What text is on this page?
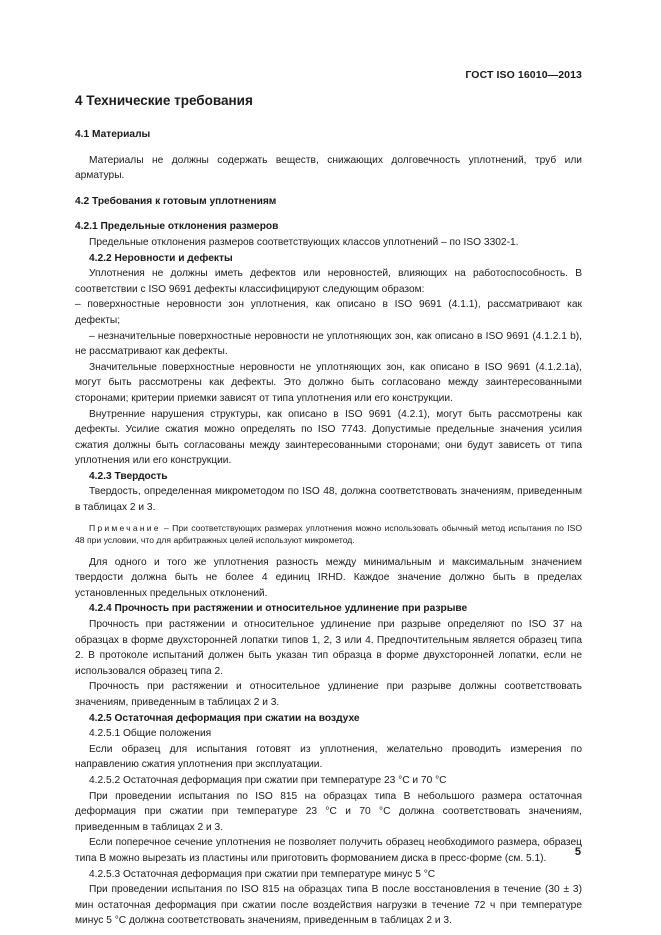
ГОСТ ISO 16010—2013
4 Технические требования
4.1 Материалы

Материалы не должны содержать веществ, снижающих долговечность уплотнений, труб или арматуры.

4.2 Требования к готовым уплотнениям
4.2.1 Предельные отклонения размеров

Предельные отклонения размеров соответствующих классов уплотнений – по ISO 3302-1.

4.2.2 Неровности и дефекты

Уплотнения не должны иметь дефектов или неровностей, влияющих на работоспособность. В соответствии с ISO 9691 дефекты классифицируют следующим образом:

– поверхностные неровности зон уплотнения, как описано в ISO 9691 (4.1.1), рассматривают как дефекты;

– незначительные поверхностные неровности не уплотняющих зон, как описано в ISO 9691 (4.1.2.1 b), не рассматривают как дефекты.

Значительные поверхностные неровности не уплотняющих зон, как описано в ISO 9691 (4.1.2.1а), могут быть рассмотрены как дефекты. Это должно быть согласовано между заинтересованными сторонами; критерии приемки зависят от типа уплотнения или его конструкции.

Внутренние нарушения структуры, как описано в ISO 9691 (4.2.1), могут быть рассмотрены как дефекты. Усилие сжатия можно определять по ISO 7743. Допустимые предельные значения усилия сжатия должны быть согласованы между заинтересованными сторонами; они будут зависеть от типа уплотнения или его конструкции.

4.2.3 Твердость

Твердость, определенная микрометодом по ISO 48, должна соответствовать значениям, приведенным в таблицах 2 и 3.

Примечание – При соответствующих размерах уплотнения можно использовать обычный метод испытания по ISO 48 при условии, что для арбитражных целей используют микрометод.

Для одного и того же уплотнения разность между минимальным и максимальным значением твердости должна быть не более 4 единиц IRHD. Каждое значение должно быть в пределах установленных предельных отклонений.

4.2.4 Прочность при растяжении и относительное удлинение при разрыве

Прочность при растяжении и относительное удлинение при разрыве определяют по ISO 37 на образцах в форме двухсторонней лопатки типов 1, 2, 3 или 4. Предпочтительным является образец типа 2. В протоколе испытаний должен быть указан тип образца в форме двухсторонней лопатки, если не использовался образец типа 2.

Прочность при растяжении и относительное удлинение при разрыве должны соответствовать значениям, приведенным в таблицах 2 и 3.

4.2.5 Остаточная деформация при сжатии на воздухе

4.2.5.1 Общие положения

Если образец для испытания готовят из уплотнения, желательно проводить измерения по направлению сжатия уплотнения при эксплуатации.

4.2.5.2 Остаточная деформация при сжатии при температуре 23 °С и 70 °С

При проведении испытания по ISO 815 на образцах типа В небольшого размера остаточная деформация при сжатии при температуре 23 °С и 70 °С должна соответствовать значениям, приведенным в таблицах 2 и 3.

Если поперечное сечение уплотнения не позволяет получить образец необходимого размера, образец типа В можно вырезать из пластины или приготовить формованием диска в пресс-форме (см. 5.1).

4.2.5.3 Остаточная деформация при сжатии при температуре минус 5 °С

При проведении испытания по ISO 815 на образцах типа В после восстановления в течение (30 ± 3) мин остаточная деформация при сжатии после воздействия нагрузки в течение 72 ч при температуре минус 5 °С должна соответствовать значениям, приведенным в таблицах 2 и 3.

5
